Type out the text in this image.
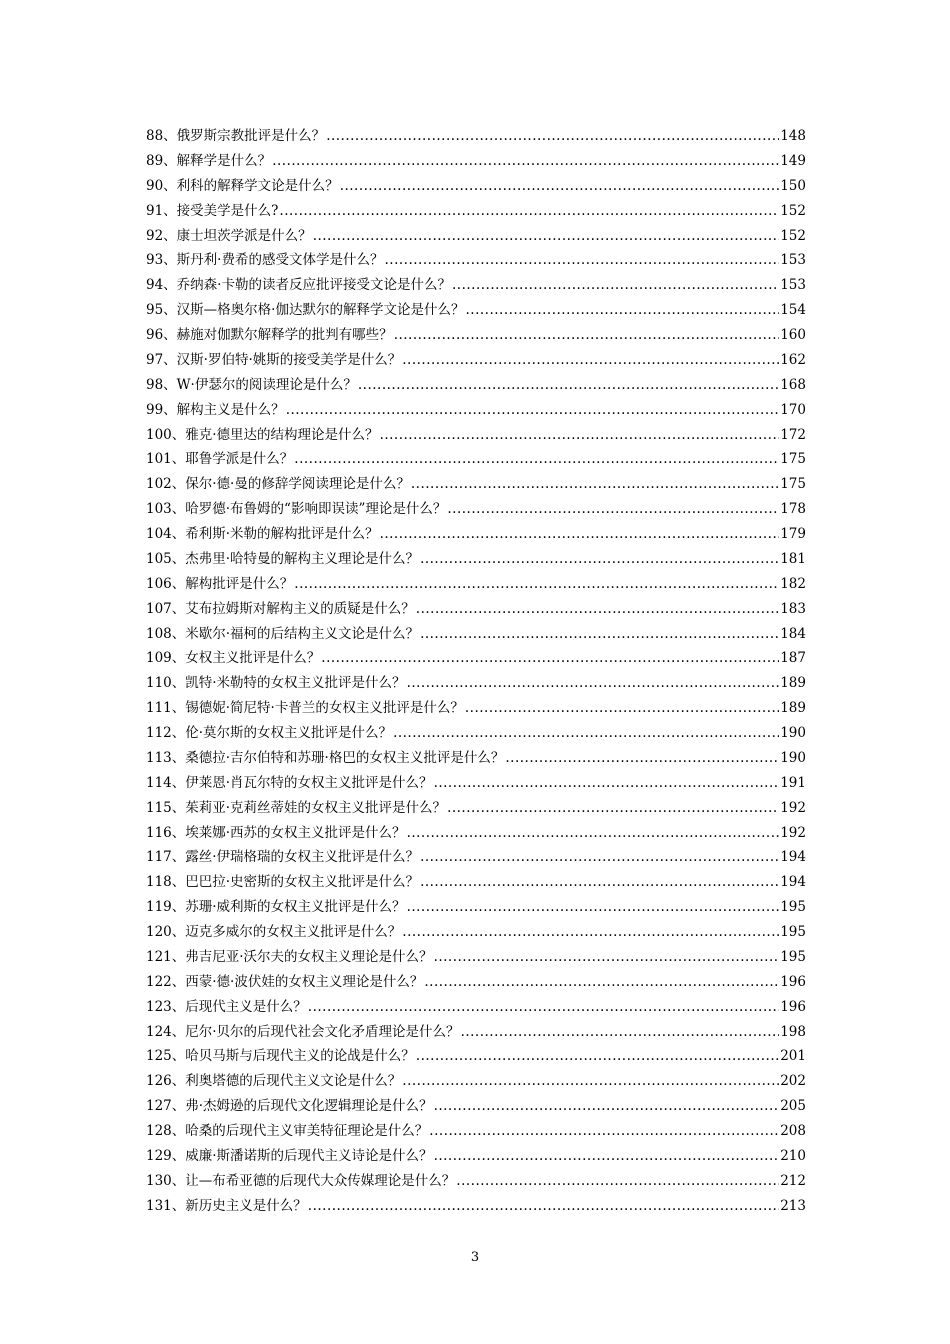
88、俄罗斯宗教批评是什么？ .....	148
89、解释学是什么？ .....	149
90、利科的解释学文论是什么？ .....	150
91、接受美学是什么? .....	152
92、康士坦茨学派是什么？ .....	152
93、斯丹利·费希的感受文体学是什么？ .....	153
94、乔纳森·卡勒的读者反应批评接受文论是什么？ .....	153
95、汉斯—格奥尔格·伽达默尔的解释学文论是什么？ .....	154
96、赫施对伽默尔解释学的批判有哪些？ .....	160
97、汉斯·罗伯特·姚斯的接受美学是什么？ .....	162
98、W·伊瑟尔的阅读理论是什么？ .....	168
99、解构主义是什么？ .....	170
100、雅克·德里达的结构理论是什么？ .....	172
101、耶鲁学派是什么？ .....	175
102、保尔·德·曼的修辞学阅读理论是什么？ .....	175
103、哈罗德·布鲁姆的“影响即误读”理论是什么？ .....	178
104、希利斯·米勒的解构批评是什么？ .....	179
105、杰弗里·哈特曼的解构主义理论是什么？ .....	181
106、解构批评是什么？ .....	182
107、艾布拉姆斯对解构主义的质疑是什么？ .....	183
108、米歇尔·福柯的后结构主义文论是什么？ .....	184
109、女权主义批评是什么？ .....	187
110、凯特·米勒特的女权主义批评是什么？ .....	189
111、锡德妮·简尼特·卡普兰的女权主义批评是什么？ .....	189
112、伦·莫尔斯的女权主义批评是什么？ .....	190
113、桑德拉·吉尔伯特和苏珊·格巴的女权主义批评是什么？ .....	190
114、伊莱恩·肖瓦尔特的女权主义批评是什么？ .....	191
115、茱莉亚·克莉丝蒂娃的女权主义批评是什么？ .....	192
116、埃莱娜·西苏的女权主义批评是什么？ .....	192
117、露丝·伊瑞格瑞的女权主义批评是什么？ .....	194
118、巴巴拉·史密斯的女权主义批评是什么？ .....	194
119、苏珊·威利斯的女权主义批评是什么？ .....	195
120、迈克多威尔的女权主义批评是什么？ .....	195
121、弗吉尼亚·沃尔夫的女权主义理论是什么？ .....	195
122、西蒙·德·波伏娃的女权主义理论是什么？ .....	196
123、后现代主义是什么？ .....	196
124、尼尔·贝尔的后现代社会文化矛盾理论是什么？ .....	198
125、哈贝马斯与后现代主义的论战是什么？ .....	201
126、利奥塔德的后现代主义文论是什么？ .....	202
127、弗·杰姆逊的后现代文化逻辑理论是什么？ .....	205
128、哈桑的后现代主义审美特征理论是什么？ .....	208
129、威廉·斯潘诺斯的后现代主义诗论是什么？ .....	210
130、让—布希亚德的后现代大众传媒理论是什么？ .....	212
131、新历史主义是什么？ .....	213
3
